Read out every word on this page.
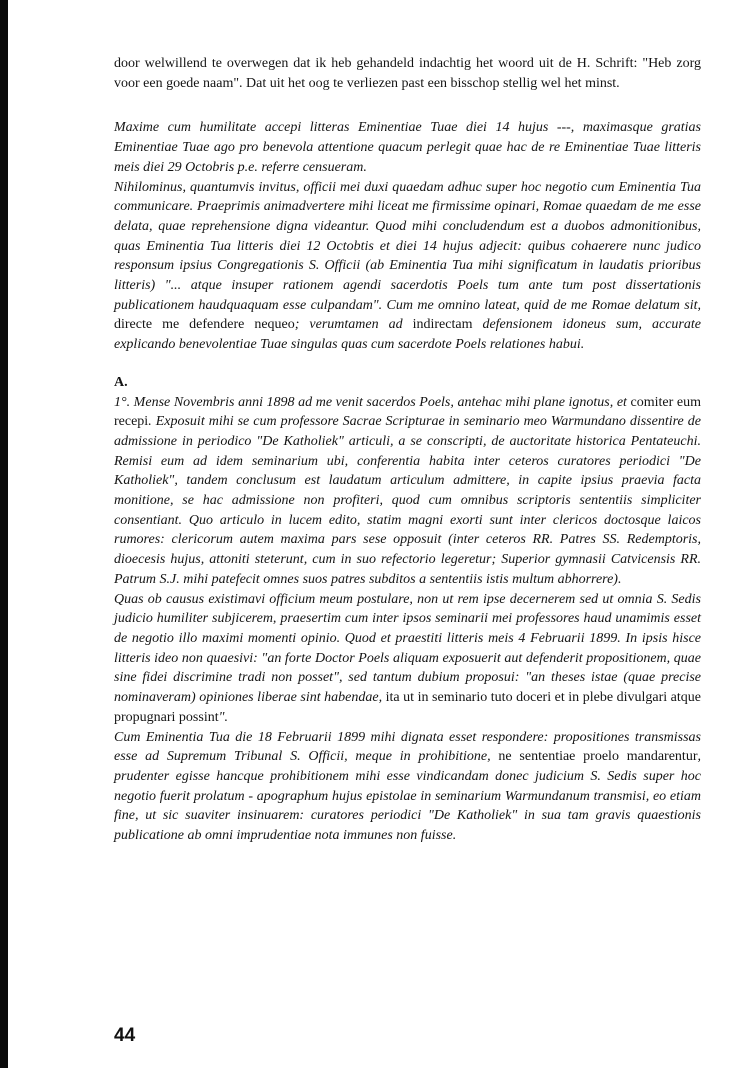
door welwillend te overwegen dat ik heb gehandeld indachtig het woord uit de H. Schrift: "Heb zorg voor een goede naam". Dat uit het oog te verliezen past een bisschop stellig wel het minst.

Maxime cum humilitate accepi litteras Eminentiae Tuae diei 14 hujus ---, maximasque gratias Eminentiae Tuae ago pro benevola attentione quacum perlegit quae hac de re Eminentiae Tuae litteris meis diei 29 Octobris p.e. referre censueram.

Nihilominus, quantumvis invitus, officii mei duxi quaedam adhuc super hoc negotio cum Eminentia Tua communicare. Praeprimis animadvertere mihi liceat me firmissime opinari, Romae quaedam de me esse delata, quae reprehensione digna videantur. Quod mihi concludendum est a duobos admonitionibus, quas Eminentia Tua litteris diei 12 Octobtis et diei 14 hujus adjecit: quibus cohaerere nunc judico responsum ipsius Congregationis S. Officii (ab Eminentia Tua mihi significatum in laudatis prioribus litteris) "... atque insuper rationem agendi sacerdotis Poels tum ante tum post dissertationis publicationem haudquaquam esse culpandam". Cum me omnino lateat, quid de me Romae delatum sit, directe me defendere nequeo; verumtamen ad indirectam defensionem idoneus sum, accurate explicando benevolentiae Tuae singulas quas cum sacerdote Poels relationes habui.

A.

1°. Mense Novembris anni 1898 ad me venit sacerdos Poels, antehac mihi plane ignotus, et comiter eum recepi. Exposuit mihi se cum professore Sacrae Scripturae in seminario meo Warmundano dissentire de admissione in periodico "De Katholiek" articuli, a se conscripti, de auctoritate historica Pentateuchi. Remisi eum ad idem seminarium ubi, conferentia habita inter ceteros curatores periodici "De Katholiek", tandem conclusum est laudatum articulum admittere, in capite ipsius praevia facta monitione, se hac admissione non profiteri, quod cum omnibus scriptoris sententiis simpliciter consentiant. Quo articulo in lucem edito, statim magni exorti sunt inter clericos doctosque laicos rumores: clericorum autem maxima pars sese opposuit (inter ceteros RR. Patres SS. Redemptoris, dioecesis hujus, attoniti steterunt, cum in suo refectorio legeretur; Superior gymnasii Catvicensis RR. Patrum S.J. mihi patefecit omnes suos patres subditos a sententiis istis multum abhorrere).

Quas ob causus existimavi officium meum postulare, non ut rem ipse decernerem sed ut omnia S. Sedis judicio humiliter subjicerem, praesertim cum inter ipsos seminarii mei professores haud unamimis esset de negotio illo maximi momenti opinio. Quod et praestiti litteris meis 4 Februarii 1899. In ipsis hisce litteris ideo non quaesivi: "an forte Doctor Poels aliquam exposuerit aut defenderit propositionem, quae sine fidei discrimine tradi non posset", sed tantum dubium proposui: "an theses istae (quae precise nominaveram) opiniones liberae sint habendae, ita ut in seminario tuto doceri et in plebe divulgari atque propugnari possint".

Cum Eminentia Tua die 18 Februarii 1899 mihi dignata esset respondere: propositiones transmissas esse ad Supremum Tribunal S. Officii, meque in prohibitione, ne sententiae proelo mandarentur, prudenter egisse hancque prohibitionem mihi esse vindicandam donec judicium S. Sedis super hoc negotio fuerit prolatum - apographum hujus epistolae in seminarium Warmundanum transmisi, eo etiam fine, ut sic suaviter insinuarem: curatores periodici "De Katholiek" in sua tam gravis quaestionis publicatione ab omni imprudentiae nota immunes non fuisse.

44
